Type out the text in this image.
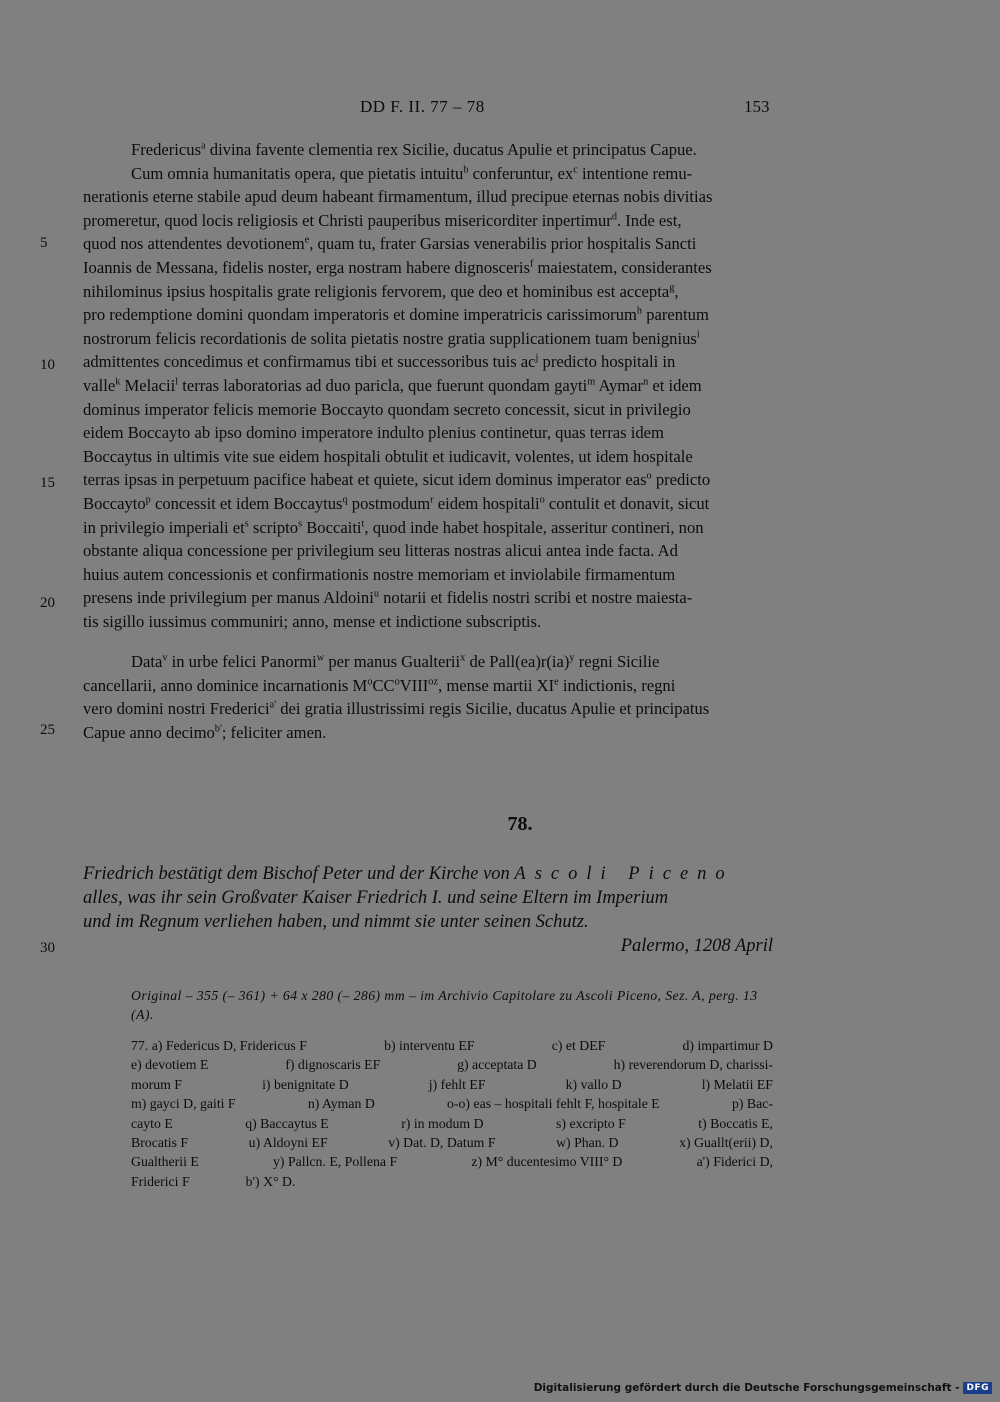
DD F. II. 77 – 78	153
5
10
15
20
25
30
Fredericus$^a$ divina favente clementia rex Sicilie, ducatus Apulie et principatus Capue.
Cum omnia humanitatis opera, que pietatis intuitu$^b$ conferuntur, $ex^c$ intentione remu-
nerationis eterne stabile apud deum habeant firmamentum, illud precipue eternas nobis divitias
promeretur, quod locis religiosis et Christi pauperibus misericorditer inpertimur$^d$. Inde est,
quod nos attendentes devotionem$^e$, quam tu, frater Garsias venerabilis prior hospitalis Sancti
Ioannis de Messana, fidelis noster, erga nostram habere dignosceris$^f$ maiestatem, considerantes
nihilominus ipsius hospitalis grate religionis fervorem, que deo et hominibus est accepta$^g$,
pro redemptione domini quondam imperatoris et domine imperatricis carissimorum$^h$ parentum
nostrorum felicis recordationis de solita pietatis nostre gratia supplicationem tuam benignius$^i$
admittentes concedimus et confirmamus tibi et successoribus tuis $ac^j$ predicto hospitali in
valle$^k$ Melacii$^l$ terras laboratorias ad duo paricla, que fuerunt quondam gayti$^m$ Aymar$^n$ et idem
dominus imperator felicis memorie Boccayto quondam secreto concessit, sicut in privilegio
eidem Boccayto ab ipso domino imperatore indulto plenius continetur, quas terras idem
Boccaytus in ultimis vite sue eidem hospitali obtulit et iudicavit, volentes, ut idem hospitale
terras ipsas in perpetuum pacifice habeat et quiete, sicut idem dominus imperator eas$^o$ predicto
Boccayto$^p$ concessit et idem Boccaytus$^q$ postmodum$^r$ eidem hospitali$^o$ contulit et donavit, sicut
in privilegio imperiali $et^s$ scripto$^s$ Boccaiti$^t$, quod inde habet hospitale, asseritur contineri, non
obstante aliqua concessione per privilegium seu litteras nostras alicui antea inde facta. Ad
huius autem concessionis et confirmationis nostre memoriam et inviolabile firmamentum
presens inde privilegium per manus Aldoini$^u$ notarii et fidelis nostri scribi et nostre maiesta-
tis sigillo iussimus communiri; anno, mense et indictione subscriptis.
Data$^v$ in urbe felici Panormi$^w$ per manus Gualterii$^x$ de Pall(ea)r(ia)$^y$ regni Sicilie
cancellarii, anno dominice incarnationis $M^oCC^oVIII^{oz}$, mense martii XIe indictionis, regni
vero domini nostri Frederici$^{a'}$ dei gratia illustrissimi regis Sicilie, ducatus Apulie et principatus
Capue anno decimo$^{b'}$; feliciter amen.
78.
Friedrich bestätigt dem Bischof Peter und der Kirche von Ascoli Piceno
alles, was ihr sein Großvater Kaiser Friedrich I. und seine Eltern im Imperium
und im Regnum verliehen haben, und nimmt sie unter seinen Schutz.
Palermo, 1208 April
Original – 355 (– 361) + 64 x 280 (– 286) mm – im Archivio Capitolare zu Ascoli Piceno, Sez. A, perg. 13 (A).
77. a) Federicus D, Fridericus F	b) interventu EF	c) et DEF	d) impartimur D
e) devotiem E	f) dignoscaris EF	g) acceptata D	h) reverendorum D, charissi-
morum F	i) benignitate D	j) fehlt EF	k) vallo D	l) Melatii EF
m) gayci D, gaiti F	n) Ayman D	o-o) eas – hospitali fehlt F, hospitale E	p) Bac-
cayto E	q) Baccaytus E	r) in modum D	s) excripto F	t) Boccatis E,
Brocatis F	u) Aldoyni EF	v) Dat. D, Datum F	w) Phan. D	x) Guallt(erii) D,
Gualtherii E	y) Pallcn. E, Pollena F	z) M° ducentesimo VIII° D	a') Fiderici D,
Friderici F	b') X° D.
Digitalisierung gefördert durch die Deutsche Forschungsgemeinschaft - DFG
